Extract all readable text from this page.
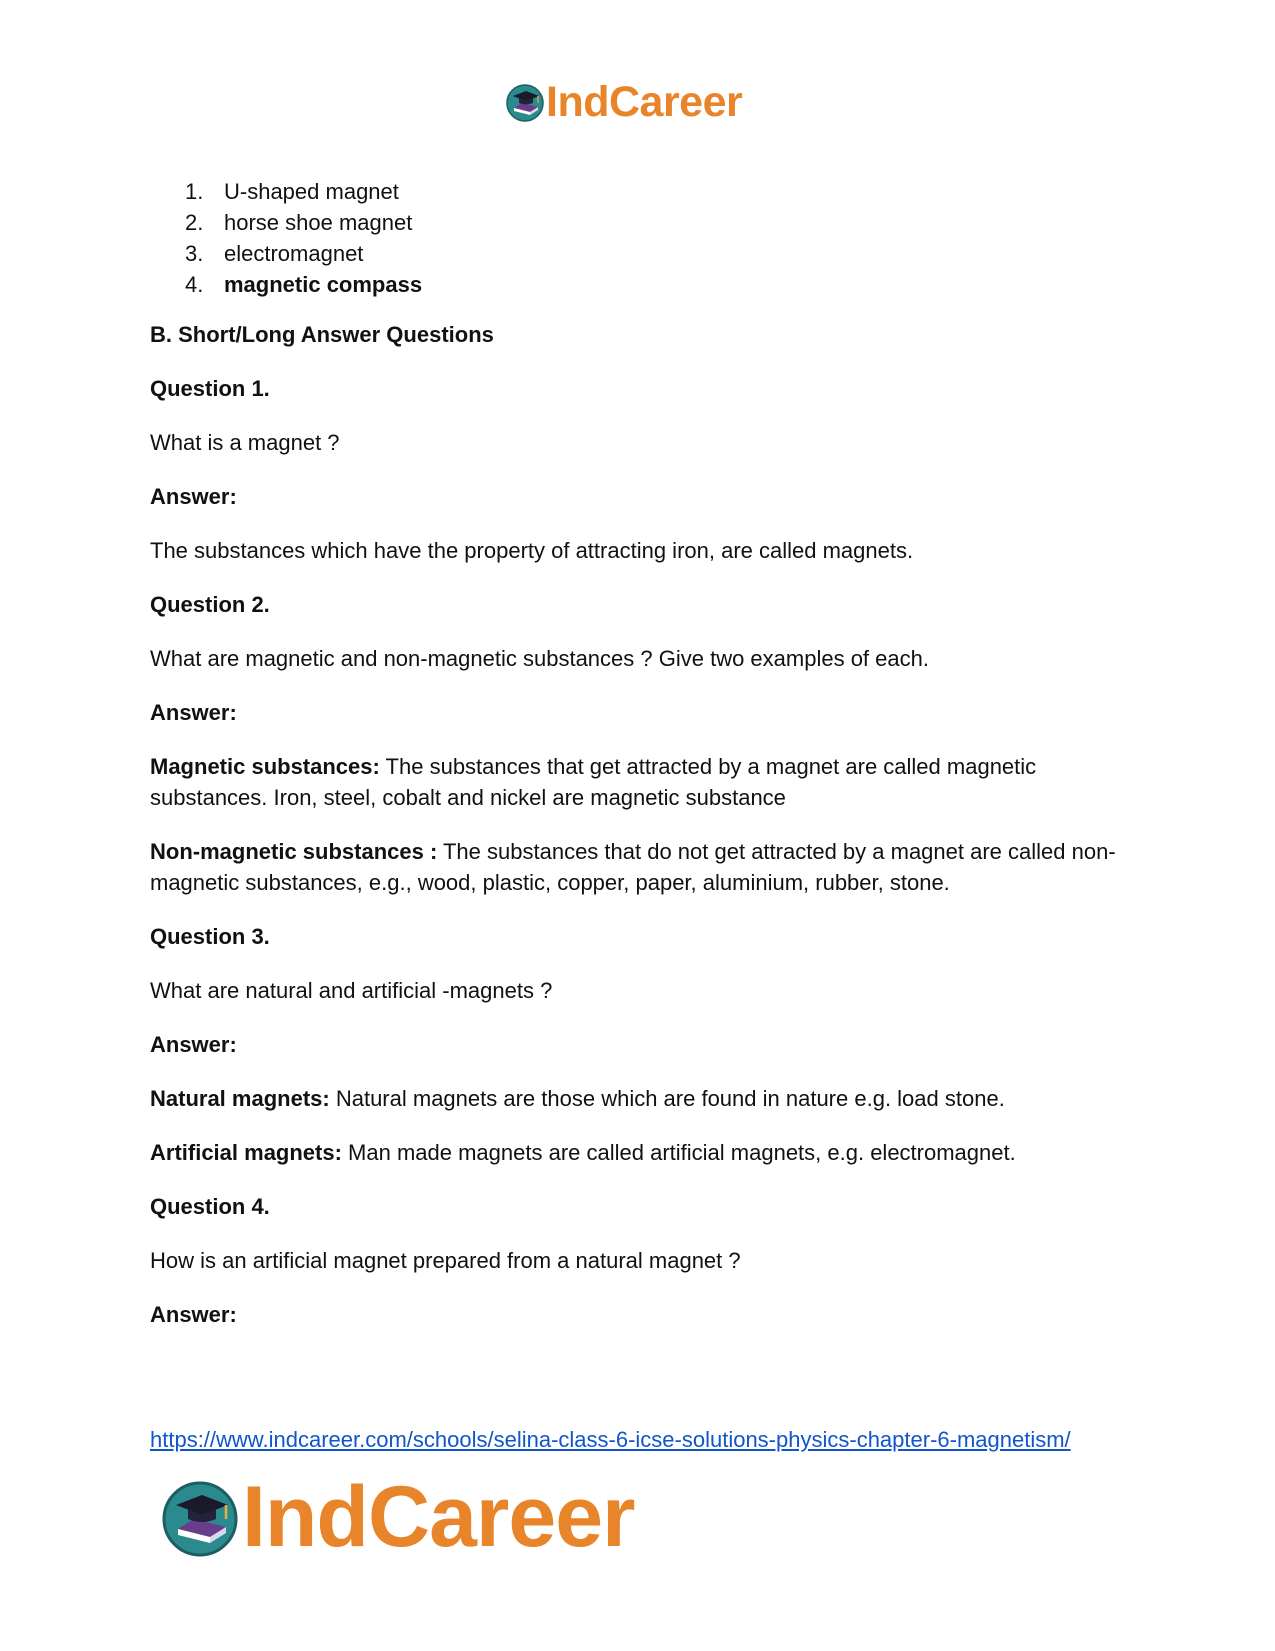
IndCareer
1. U-shaped magnet
2. horse shoe magnet
3. electromagnet
4. magnetic compass

B. Short/Long Answer Questions

Question 1.

What is a magnet ?

Answer:

The substances which have the property of attracting iron, are called magnets.

Question 2.

What are magnetic and non-magnetic substances ? Give two examples of each.

Answer:

Magnetic substances: The substances that get attracted by a magnet are called magnetic substances. Iron, steel, cobalt and nickel are magnetic substance

Non-magnetic substances : The substances that do not get attracted by a magnet are called non-magnetic substances, e.g., wood, plastic, copper, paper, aluminium, rubber, stone.

Question 3.

What are natural and artificial -magnets ?

Answer:

Natural magnets: Natural magnets are those which are found in nature e.g. load stone.

Artificial magnets: Man made magnets are called artificial magnets, e.g. electromagnet.

Question 4.

How is an artificial magnet prepared from a natural magnet ?

Answer:

https://www.indcareer.com/schools/selina-class-6-icse-solutions-physics-chapter-6-magnetism/
IndCareer
